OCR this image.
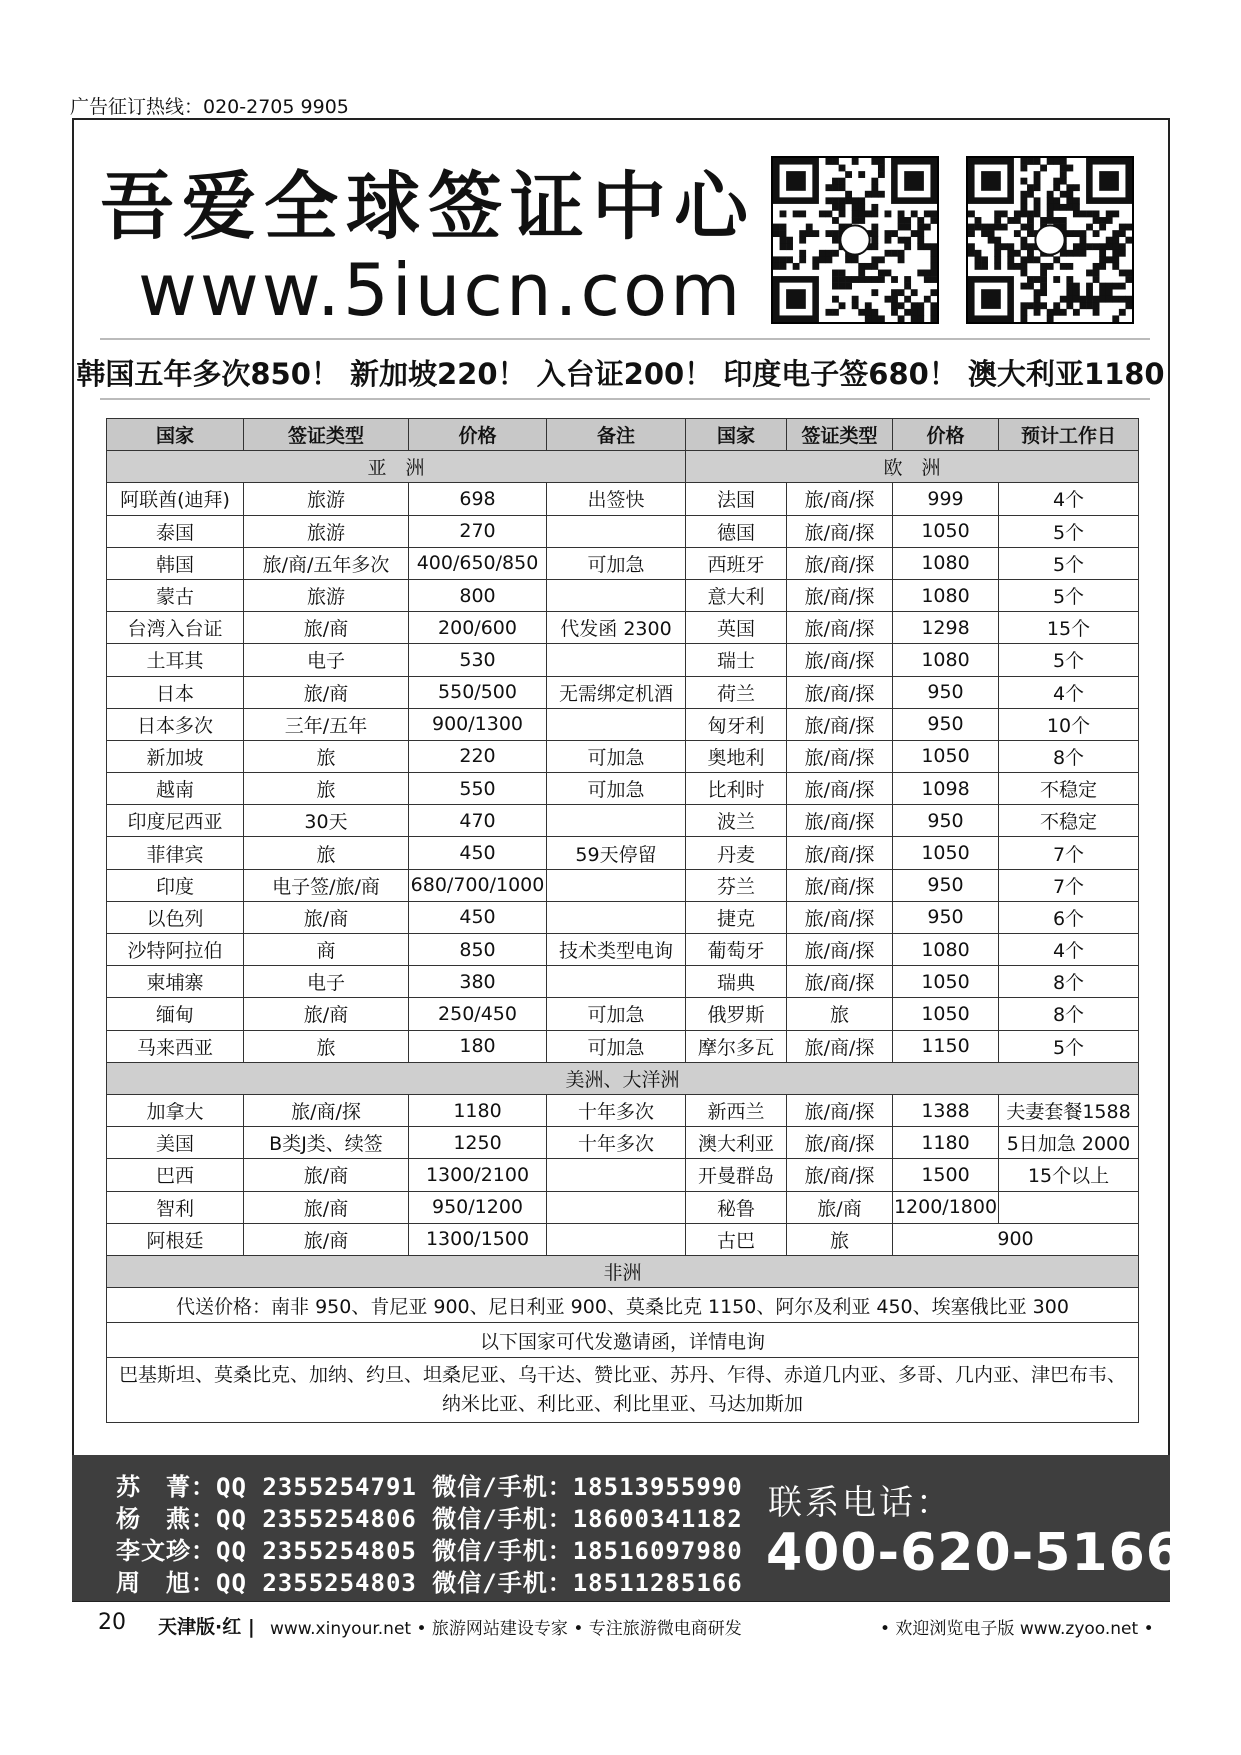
广告征订热线：020-2705 9905
吾爱全球签证中心
www.5iucn.com
韩国五年多次850！ 新加坡220！ 入台证200！ 印度电子签680！ 澳大利亚1180
国家	签证类型	价格	备注	国家	签证类型	价格	预计工作日
亚　洲				欧　洲			
阿联酋(迪拜)	旅游	698	出签快	法国	旅/商/探	999	4个
泰国	旅游	270		德国	旅/商/探	1050	5个
韩国	旅/商/五年多次	400/650/850	可加急	西班牙	旅/商/探	1080	5个
蒙古	旅游	800		意大利	旅/商/探	1080	5个
台湾入台证	旅/商	200/600	代发函 2300	英国	旅/商/探	1298	15个
土耳其	电子	530		瑞士	旅/商/探	1080	5个
日本	旅/商	550/500	无需绑定机酒	荷兰	旅/商/探	950	4个
日本多次	三年/五年	900/1300		匈牙利	旅/商/探	950	10个
新加坡	旅	220	可加急	奥地利	旅/商/探	1050	8个
越南	旅	550	可加急	比利时	旅/商/探	1098	不稳定
印度尼西亚	30天	470		波兰	旅/商/探	950	不稳定
菲律宾	旅	450	59天停留	丹麦	旅/商/探	1050	7个
印度	电子签/旅/商	680/700/1000		芬兰	旅/商/探	950	7个
以色列	旅/商	450		捷克	旅/商/探	950	6个
沙特阿拉伯	商	850	技术类型电询	葡萄牙	旅/商/探	1080	4个
柬埔寨	电子	380		瑞典	旅/商/探	1050	8个
缅甸	旅/商	250/450	可加急	俄罗斯	旅	1050	8个
马来西亚	旅	180	可加急	摩尔多瓦	旅/商/探	1150	5个
美洲、大洋洲							
加拿大	旅/商/探	1180	十年多次	新西兰	旅/商/探	1388	夫妻套餐1588
美国	B类J类、续签	1250	十年多次	澳大利亚	旅/商/探	1180	5日加急 2000
巴西	旅/商	1300/2100		开曼群岛	旅/商/探	1500	15个以上
智利	旅/商	950/1200		秘鲁	旅/商	1200/1800	
阿根廷	旅/商	1300/1500		古巴	旅	900	
非洲							
代送价格：南非 950、肯尼亚 900、尼日利亚 900、莫桑比克 1150、阿尔及利亚 450、埃塞俄比亚 300							
以下国家可代发邀请函，详情电询							
巴基斯坦、莫桑比克、加纳、约旦、坦桑尼亚、乌干达、赞比亚、苏丹、乍得、赤道几内亚、多哥、几内亚、津巴布韦、纳米比亚、利比亚、利比里亚、马达加斯加							
苏　菁：QQ 2355254791 微信/手机：18513955990
杨　燕：QQ 2355254806 微信/手机：18600341182
李文珍：QQ 2355254805 微信/手机：18516097980
周　旭：QQ 2355254803 微信/手机：18511285166
联系电话：
400-620-5166
20 天津版·红 | www.xinyour.net • 旅游网站建设专家 • 专注旅游微电商研发	• 欢迎浏览电子版 www.zyoo.net •
